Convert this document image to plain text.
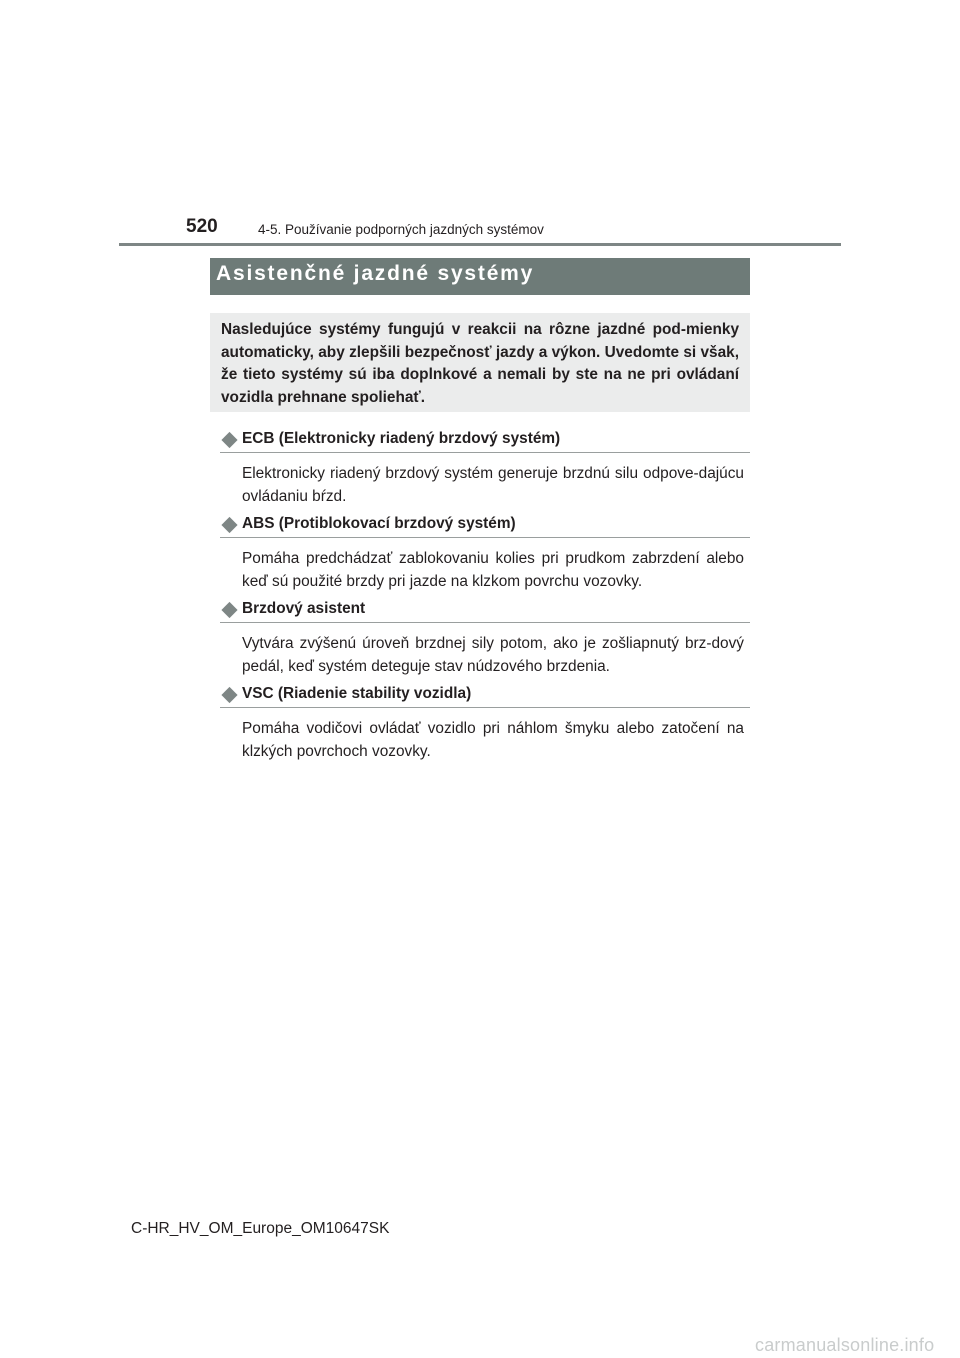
520	4-5. Používanie podporných jazdných systémov
Asistenčné jazdné systémy

Nasledujúce systémy fungujú v reakcii na rôzne jazdné pod-mienky automaticky, aby zlepšili bezpečnosť jazdy a výkon. Uvedomte si však, že tieto systémy sú iba doplnkové a nemali by ste na ne pri ovládaní vozidla prehnane spoliehať.

ECB (Elektronicky riadený brzdový systém)
Elektronicky riadený brzdový systém generuje brzdnú silu odpove-dajúcu ovládaniu bŕzd.
ABS (Protiblokovací brzdový systém)
Pomáha predchádzať zablokovaniu kolies pri prudkom zabrzdení alebo keď sú použité brzdy pri jazde na klzkom povrchu vozovky.
Brzdový asistent
Vytvára zvýšenú úroveň brzdnej sily potom, ako je zošliapnutý brz-dový pedál, keď systém deteguje stav núdzového brzdenia.
VSC (Riadenie stability vozidla)
Pomáha vodičovi ovládať vozidlo pri náhlom šmyku alebo zatočení na klzkých povrchoch vozovky.
C-HR_HV_OM_Europe_OM10647SK
carmanualsonline.info
